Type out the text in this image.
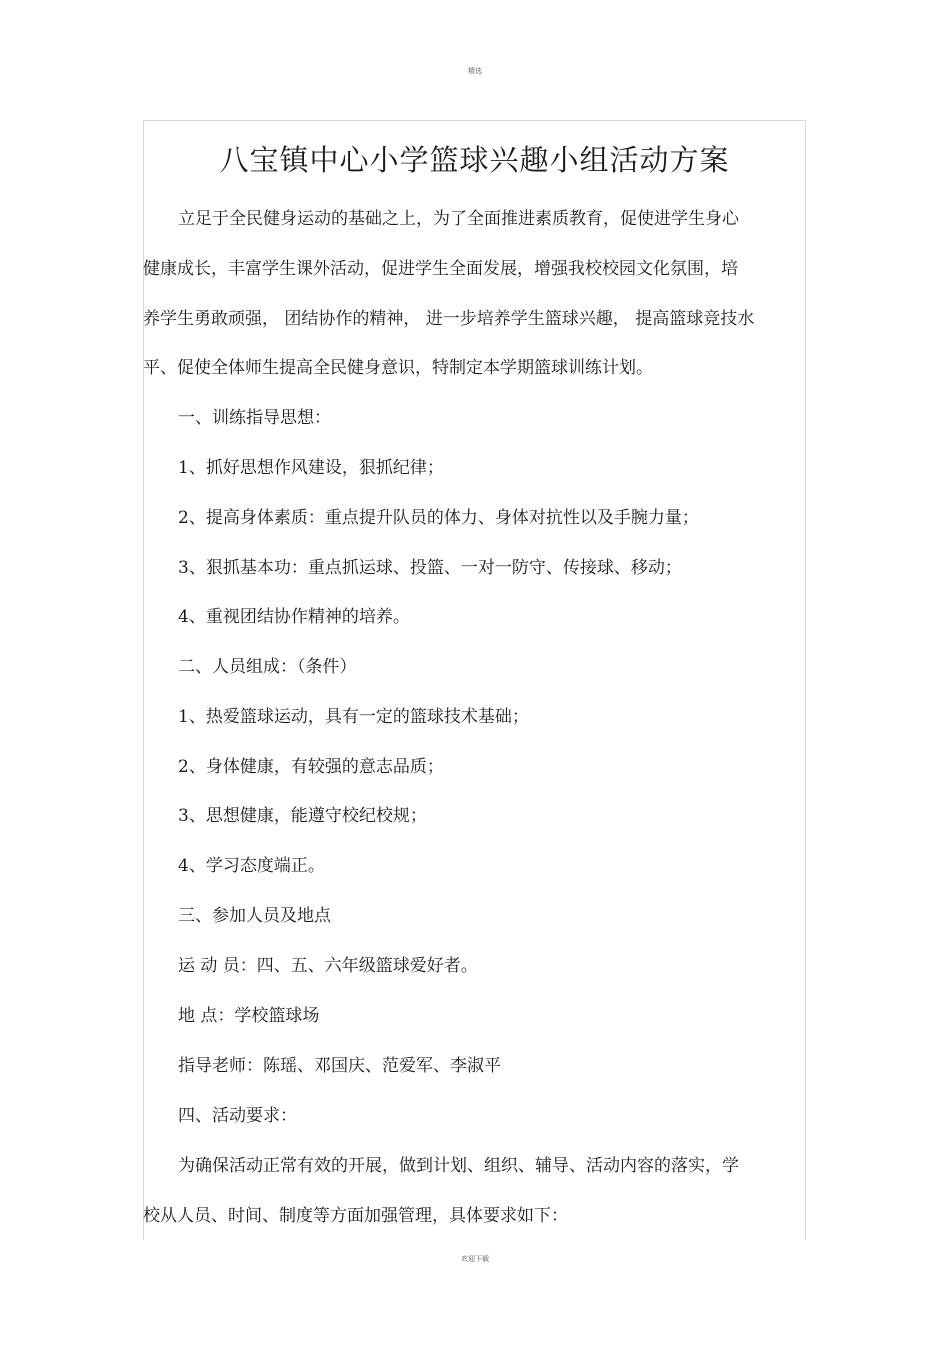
精选
八宝镇中心小学篮球兴趣小组活动方案
立足于全民健身运动的基础之上，为了全面推进素质教育，促使进学生身心
健康成长，丰富学生课外活动，促进学生全面发展，增强我校校园文化氛围，培
养学生勇敢顽强， 团结协作的精神， 进一步培养学生篮球兴趣， 提高篮球竞技水
平、促使全体师生提高全民健身意识，特制定本学期篮球训练计划。
一、训练指导思想：
1、抓好思想作风建设，狠抓纪律；
2、提高身体素质：重点提升队员的体力、身体对抗性以及手腕力量；
3、狠抓基本功：重点抓运球、投篮、一对一防守、传接球、移动；
4、重视团结协作精神的培养。
二、人员组成：（条件）
1、热爱篮球运动，具有一定的篮球技术基础；
2、身体健康，有较强的意志品质；
3、思想健康，能遵守校纪校规；
4、学习态度端正。
三、参加人员及地点
运 动 员：四、五、六年级篮球爱好者。
地 点：学校篮球场
指导老师：陈瑶、邓国庆、范爱军、李淑平
四、活动要求：
为确保活动正常有效的开展，做到计划、组织、辅导、活动内容的落实，学
校从人员、时间、制度等方面加强管理，具体要求如下：
欢迎下载
